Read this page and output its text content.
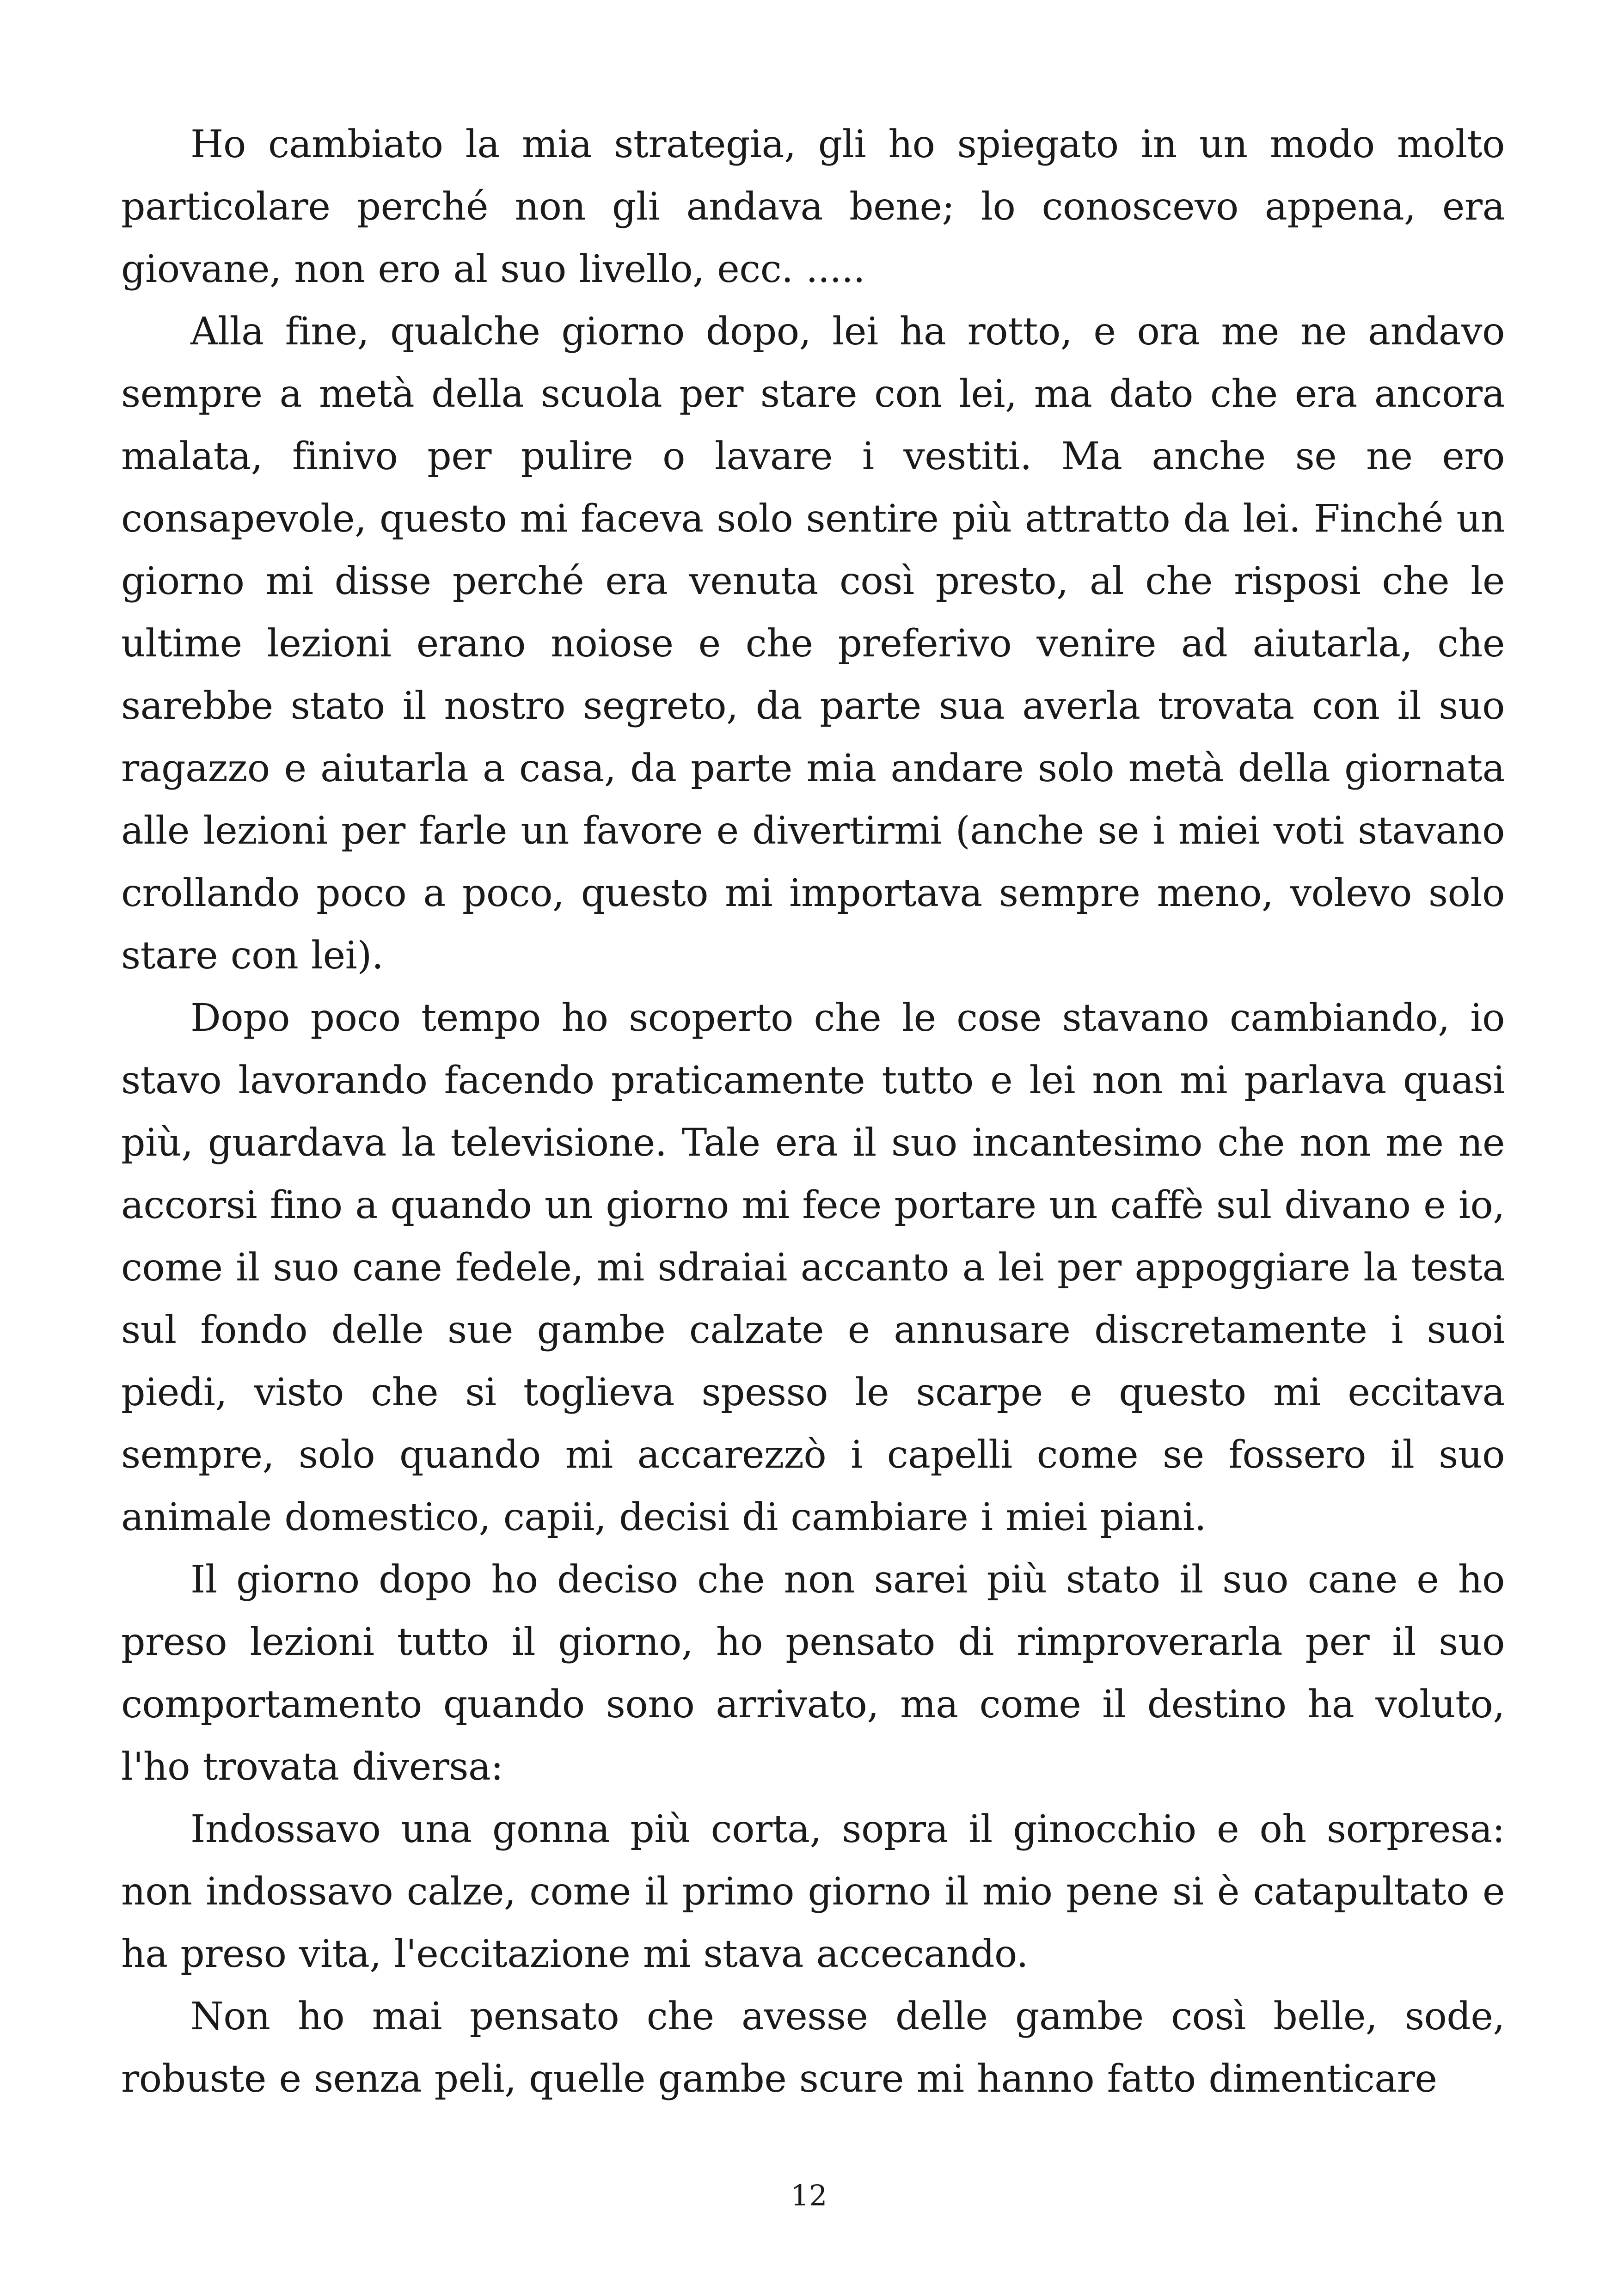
Ho cambiato la mia strategia, gli ho spiegato in un modo molto particolare perché non gli andava bene; lo conoscevo appena, era giovane, non ero al suo livello, ecc. .....

Alla fine, qualche giorno dopo, lei ha rotto, e ora me ne andavo sempre a metà della scuola per stare con lei, ma dato che era ancora malata, finivo per pulire o lavare i vestiti. Ma anche se ne ero consapevole, questo mi faceva solo sentire più attratto da lei. Finché un giorno mi disse perché era venuta così presto, al che risposi che le ultime lezioni erano noiose e che preferivo venire ad aiutarla, che sarebbe stato il nostro segreto, da parte sua averla trovata con il suo ragazzo e aiutarla a casa, da parte mia andare solo metà della giornata alle lezioni per farle un favore e divertirmi (anche se i miei voti stavano crollando poco a poco, questo mi importava sempre meno, volevo solo stare con lei).

Dopo poco tempo ho scoperto che le cose stavano cambiando, io stavo lavorando facendo praticamente tutto e lei non mi parlava quasi più, guardava la televisione. Tale era il suo incantesimo che non me ne accorsi fino a quando un giorno mi fece portare un caffè sul divano e io, come il suo cane fedele, mi sdraiai accanto a lei per appoggiare la testa sul fondo delle sue gambe calzate e annusare discretamente i suoi piedi, visto che si toglieva spesso le scarpe e questo mi eccitava sempre, solo quando mi accarezzò i capelli come se fossero il suo animale domestico, capii, decisi di cambiare i miei piani.

Il giorno dopo ho deciso che non sarei più stato il suo cane e ho preso lezioni tutto il giorno, ho pensato di rimproverarla per il suo comportamento quando sono arrivato, ma come il destino ha voluto, l'ho trovata diversa:

Indossavo una gonna più corta, sopra il ginocchio e oh sorpresa: non indossavo calze, come il primo giorno il mio pene si è catapultato e ha preso vita, l'eccitazione mi stava accecando.

Non ho mai pensato che avesse delle gambe così belle, sode, robuste e senza peli, quelle gambe scure mi hanno fatto dimenticare

12
